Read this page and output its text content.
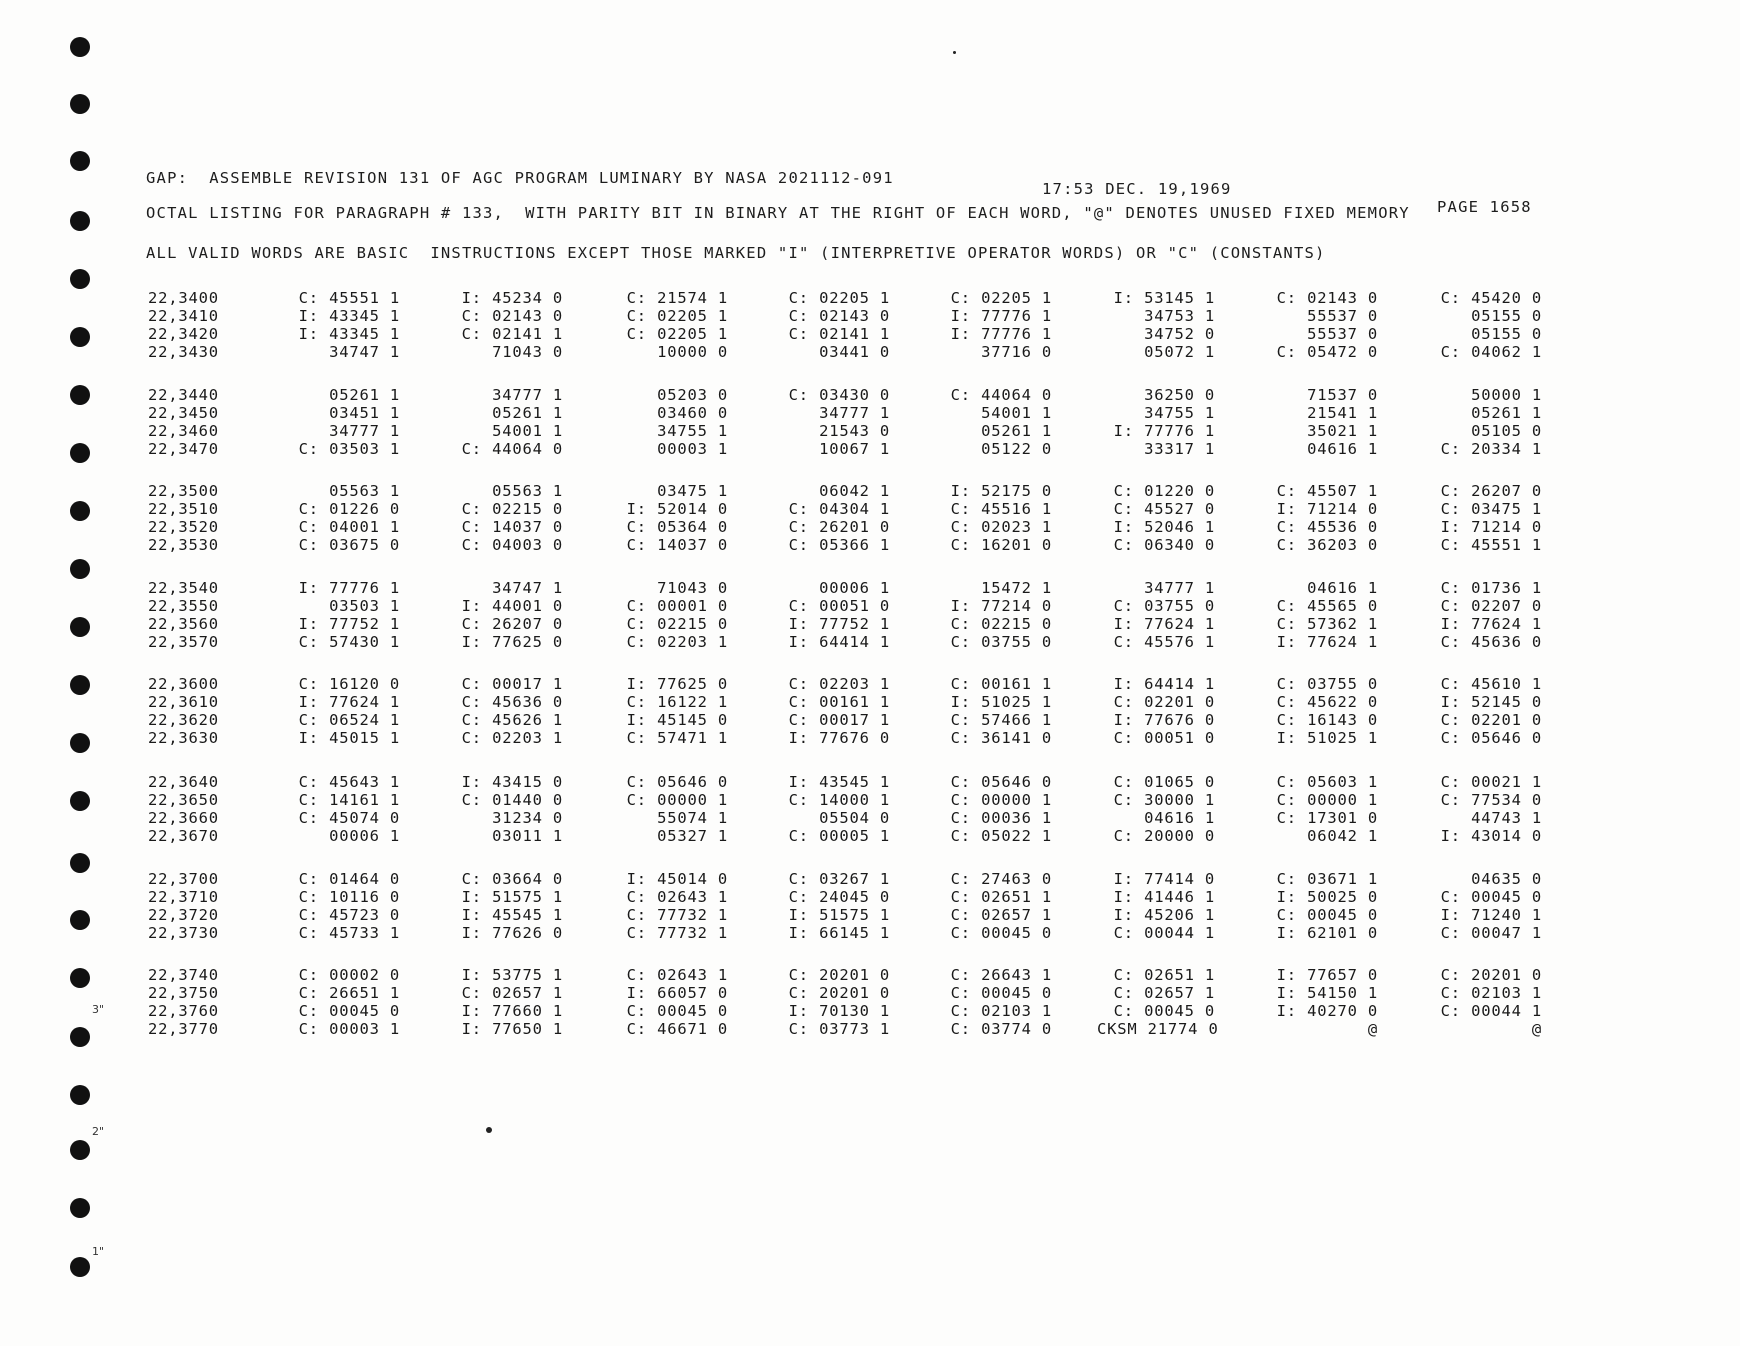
3"
2"
1"
GAP:  ASSEMBLE REVISION 131 OF AGC PROGRAM LUMINARY BY NASA 2021112-091

17:53 DEC. 19,1969

PAGE 1658

OCTAL LISTING FOR PARAGRAPH # 133,  WITH PARITY BIT IN BINARY AT THE RIGHT OF EACH WORD, "@" DENOTES UNUSED FIXED MEMORY
ALL VALID WORDS ARE BASIC  INSTRUCTIONS EXCEPT THOSE MARKED "I" (INTERPRETIVE OPERATOR WORDS) OR "C" (CONSTANTS)
22,3400	C: 45551 1	I: 45234 0	C: 21574 1	C: 02205 1	C: 02205 1	I: 53145 1	C: 02143 0	C: 45420 0
22,3410	I: 43345 1	C: 02143 0	C: 02205 1	C: 02143 0	I: 77776 1	34753 1	55537 0	05155 0
22,3420	I: 43345 1	C: 02141 1	C: 02205 1	C: 02141 1	I: 77776 1	34752 0	55537 0	05155 0
22,3430	34747 1	71043 0	10000 0	03441 0	37716 0	05072 1	C: 05472 0	C: 04062 1
22,3440	05261 1	34777 1	05203 0	C: 03430 0	C: 44064 0	36250 0	71537 0	50000 1
22,3450	03451 1	05261 1	03460 0	34777 1	54001 1	34755 1	21541 1	05261 1
22,3460	34777 1	54001 1	34755 1	21543 0	05261 1	I: 77776 1	35021 1	05105 0
22,3470	C: 03503 1	C: 44064 0	00003 1	10067 1	05122 0	33317 1	04616 1	C: 20334 1
22,3500	05563 1	05563 1	03475 1	06042 1	I: 52175 0	C: 01220 0	C: 45507 1	C: 26207 0
22,3510	C: 01226 0	C: 02215 0	I: 52014 0	C: 04304 1	C: 45516 1	C: 45527 0	I: 71214 0	C: 03475 1
22,3520	C: 04001 1	C: 14037 0	C: 05364 0	C: 26201 0	C: 02023 1	I: 52046 1	C: 45536 0	I: 71214 0
22,3530	C: 03675 0	C: 04003 0	C: 14037 0	C: 05366 1	C: 16201 0	C: 06340 0	C: 36203 0	C: 45551 1
22,3540	I: 77776 1	34747 1	71043 0	00006 1	15472 1	34777 1	04616 1	C: 01736 1
22,3550	03503 1	I: 44001 0	C: 00001 0	C: 00051 0	I: 77214 0	C: 03755 0	C: 45565 0	C: 02207 0
22,3560	I: 77752 1	C: 26207 0	C: 02215 0	I: 77752 1	C: 02215 0	I: 77624 1	C: 57362 1	I: 77624 1
22,3570	C: 57430 1	I: 77625 0	C: 02203 1	I: 64414 1	C: 03755 0	C: 45576 1	I: 77624 1	C: 45636 0
22,3600	C: 16120 0	C: 00017 1	I: 77625 0	C: 02203 1	C: 00161 1	I: 64414 1	C: 03755 0	C: 45610 1
22,3610	I: 77624 1	C: 45636 0	C: 16122 1	C: 00161 1	I: 51025 1	C: 02201 0	C: 45622 0	I: 52145 0
22,3620	C: 06524 1	C: 45626 1	I: 45145 0	C: 00017 1	C: 57466 1	I: 77676 0	C: 16143 0	C: 02201 0
22,3630	I: 45015 1	C: 02203 1	C: 57471 1	I: 77676 0	C: 36141 0	C: 00051 0	I: 51025 1	C: 05646 0
22,3640	C: 45643 1	I: 43415 0	C: 05646 0	I: 43545 1	C: 05646 0	C: 01065 0	C: 05603 1	C: 00021 1
22,3650	C: 14161 1	C: 01440 0	C: 00000 1	C: 14000 1	C: 00000 1	C: 30000 1	C: 00000 1	C: 77534 0
22,3660	C: 45074 0	31234 0	55074 1	05504 0	C: 00036 1	04616 1	C: 17301 0	44743 1
22,3670	00006 1	03011 1	05327 1	C: 00005 1	C: 05022 1	C: 20000 0	06042 1	I: 43014 0
22,3700	C: 01464 0	C: 03664 0	I: 45014 0	C: 03267 1	C: 27463 0	I: 77414 0	C: 03671 1	04635 0
22,3710	C: 10116 0	I: 51575 1	C: 02643 1	C: 24045 0	C: 02651 1	I: 41446 1	I: 50025 0	C: 00045 0
22,3720	C: 45723 0	I: 45545 1	C: 77732 1	I: 51575 1	C: 02657 1	I: 45206 1	C: 00045 0	I: 71240 1
22,3730	C: 45733 1	I: 77626 0	C: 77732 1	I: 66145 1	C: 00045 0	C: 00044 1	I: 62101 0	C: 00047 1
22,3740	C: 00002 0	I: 53775 1	C: 02643 1	C: 20201 0	C: 26643 1	C: 02651 1	I: 77657 0	C: 20201 0
22,3750	C: 26651 1	C: 02657 1	I: 66057 0	C: 20201 0	C: 00045 0	C: 02657 1	I: 54150 1	C: 02103 1
22,3760	C: 00045 0	I: 77660 1	C: 00045 0	I: 70130 1	C: 02103 1	C: 00045 0	I: 40270 0	C: 00044 1
22,3770	C: 00003 1	I: 77650 1	C: 46671 0	C: 03773 1	C: 03774 0	CKSM 21774 0	@	@
